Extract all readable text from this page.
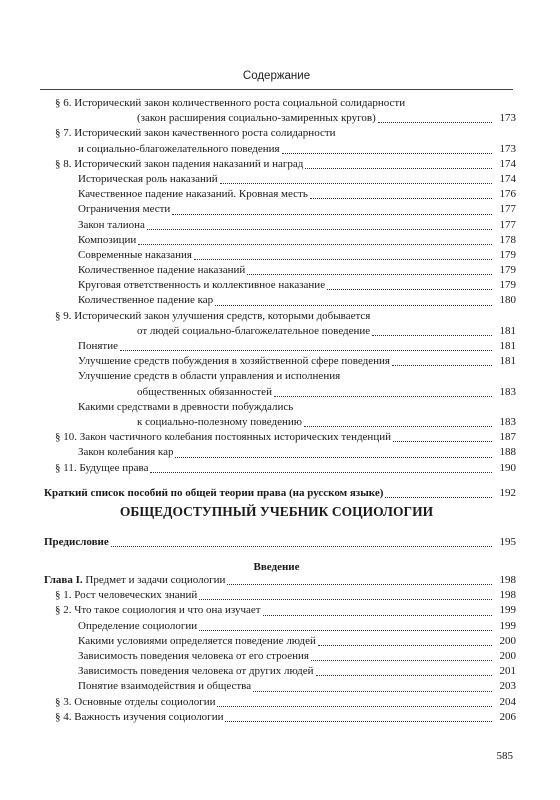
Содержание
§ 6. Исторический закон количественного роста социальной солидарности
(закон расширения социально-замиренных кругов)	173
§ 7. Исторический закон качественного роста солидарности
и социально-благожелательного поведения	173
§ 8. Исторический закон падения наказаний и наград	174
Историческая роль наказаний	174
Качественное падение наказаний. Кровная месть	176
Ограничения мести	177
Закон талиона	177
Композиции	178
Современные наказания	179
Количественное падение наказаний	179
Круговая ответственность и коллективное наказание	179
Количественное падение кар	180
§ 9. Исторический закон улучшения средств, которыми добывается
от людей социально-благожелательное поведение	181
Понятие	181
Улучшение средств побуждения в хозяйственной сфере поведения	181
Улучшение средств в области управления и исполнения
общественных обязанностей	183
Какими средствами в древности побуждались
к социально-полезному поведению	183
§ 10. Закон частичного колебания постоянных исторических тенденций	187
Закон колебания кар	188
§ 11. Будущее права	190
Краткий список пособий по общей теории права (на русском языке)	192
ОБЩЕДОСТУПНЫЙ УЧЕБНИК СОЦИОЛОГИИ
Предисловие	195
Введение
Глава I. Предмет и задачи социологии	198
§ 1. Рост человеческих знаний	198
§ 2. Что такое социология и что она изучает	199
Определение социологии	199
Какими условиями определяется поведение людей	200
Зависимость поведения человека от его строения	200
Зависимость поведения человека от других людей	201
Понятие взаимодействия и общества	203
§ 3. Основные отделы социологии	204
§ 4. Важность изучения социологии	206
585
